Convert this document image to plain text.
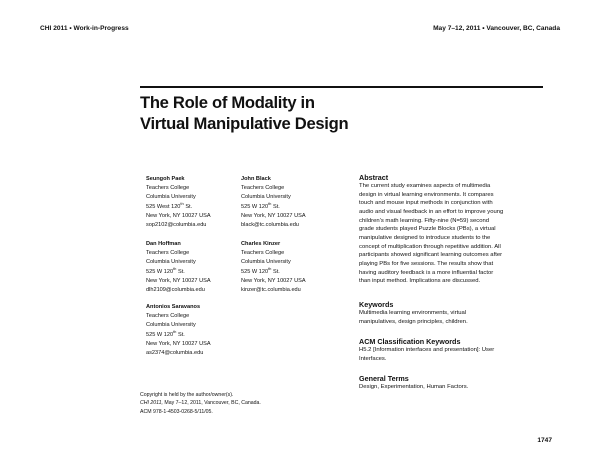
CHI 2011 • Work-in-Progress	May 7–12, 2011 • Vancouver, BC, Canada
The Role of Modality in
Virtual Manipulative Design
Seungoh Paek
Teachers College
Columbia University
525 West 120th St.
New York, NY 10027 USA
sop2102@columbia.edu
John Black
Teachers College
Columbia University
525 W 120th St.
New York, NY 10027 USA
black@tc.columbia.edu
Dan Hoffman
Teachers College
Columbia University
525 W 120th St.
New York, NY 10027 USA
dlh2109@columbia.edu
Charles Kinzer
Teachers College
Columbia University
525 W 120th St.
New York, NY 10027 USA
kinzer@tc.columbia.edu
Antonios Saravanos
Teachers College
Columbia University
525 W 120th St.
New York, NY 10027 USA
as2374@columbia.edu
Abstract

The current study examines aspects of multimedia
design in virtual learning environments. It compares
touch and mouse input methods in conjunction with
audio and visual feedback in an effort to improve young
children’s math learning. Fifty-nine (N=59) second
grade students played Puzzle Blocks (PBs), a virtual
manipulative designed to introduce students to the
concept of multiplication through repetitive addition. All
participants showed significant learning outcomes after
playing PBs for five sessions. The results show that
having auditory feedback is a more influential factor
than input method. Implications are discussed.

Keywords

Multimedia learning environments, virtual
manipulatives, design principles, children.

ACM Classification Keywords

H5.2 [Information interfaces and presentation]: User
Interfaces.

General Terms

Design, Experimentation, Human Factors.

Copyright is held by the author/owner(s).
CHI 2011, May 7–12, 2011, Vancouver, BC, Canada.
ACM 978-1-4503-0268-5/11/05.
1747
